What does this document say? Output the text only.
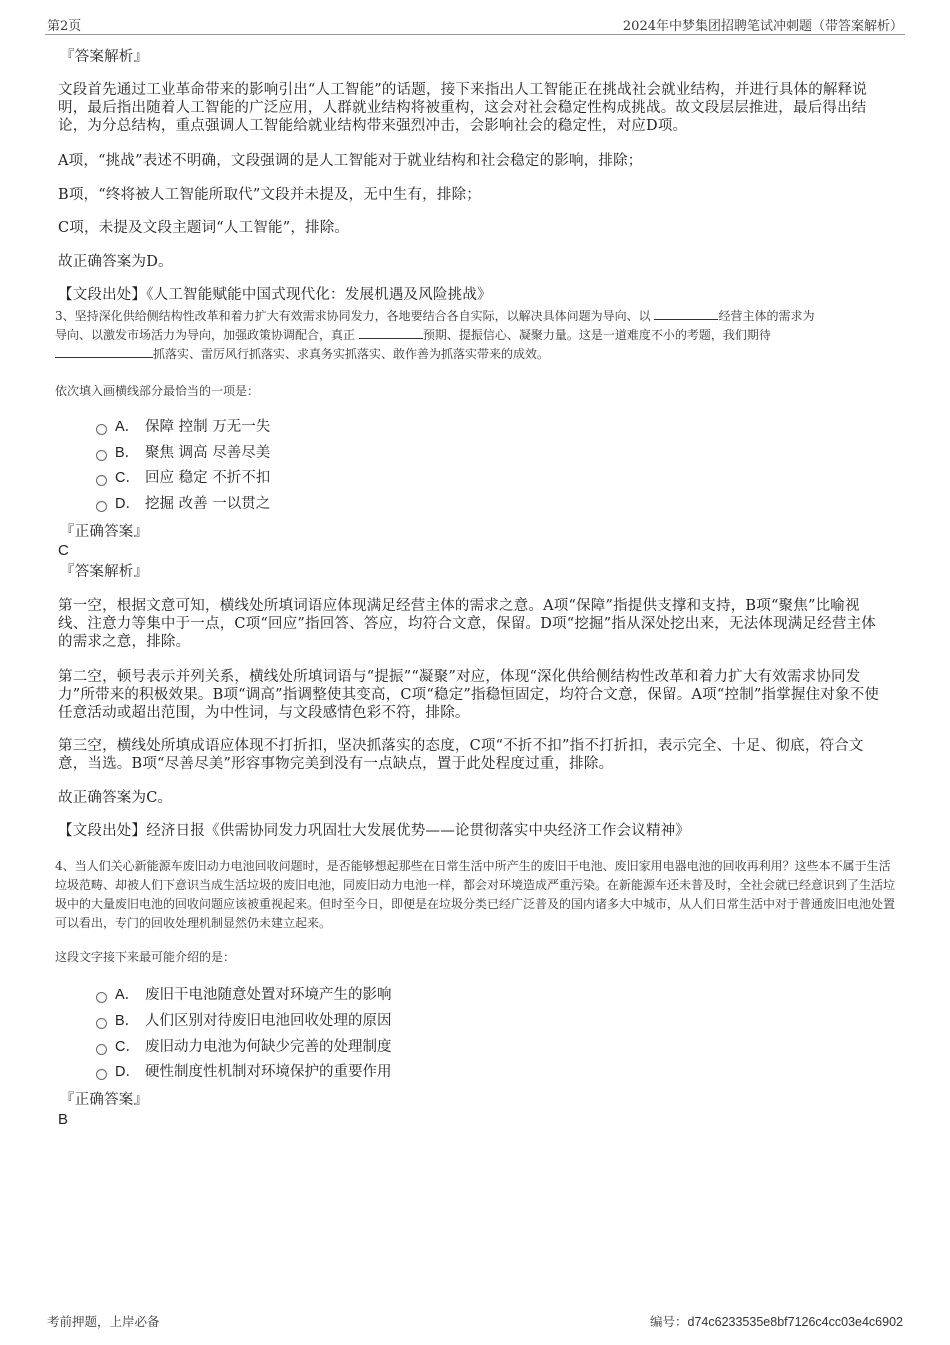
第2页	2024年中梦集团招聘笔试冲刺题（带答案解析）
『答案解析』
文段首先通过工业革命带来的影响引出“人工智能”的话题，接下来指出人工智能正在挑战社会就业结构，并进行具体的解释说明，最后指出随着人工智能的广泛应用，人群就业结构将被重构，这会对社会稳定性构成挑战。故文段层层推进，最后得出结论，为分总结构，重点强调人工智能给就业结构带来强烈冲击，会影响社会的稳定性，对应D项。
A项，“挑战”表述不明确，文段强调的是人工智能对于就业结构和社会稳定的影响，排除；
B项，“终将被人工智能所取代”文段并未提及，无中生有，排除；
C项，未提及文段主题词“人工智能”，排除。
故正确答案为D。
【文段出处】《人工智能赋能中国式现代化：发展机遇及风险挑战》
3、坚持深化供给侧结构性改革和着力扩大有效需求协同发力，各地要结合各自实际，以解决具体问题为导向、以	经营主体的需求为
导向、以激发市场活力为导向，加强政策协调配合，真正	预期、提振信心、凝聚力量。这是一道难度不小的考题，我们期待
抓落实、雷厉风行抓落实、求真务实抓落实、敢作善为抓落实带来的成效。
依次填入画横线部分最恰当的一项是：
A． 保障 控制 万无一失
B． 聚焦 调高 尽善尽美
C． 回应 稳定 不折不扣
D． 挖掘 改善 一以贯之
『正确答案』
C
『答案解析』
第一空，根据文意可知，横线处所填词语应体现满足经营主体的需求之意。A项“保障”指提供支撑和支持，B项“聚焦”比喻视线、注意力等集中于一点，C项“回应”指回答、答应，均符合文意，保留。D项“挖掘”指从深处挖出来，无法体现满足经营主体的需求之意，排除。
第二空，顿号表示并列关系，横线处所填词语与“提振”“凝聚”对应，体现“深化供给侧结构性改革和着力扩大有效需求协同发力”所带来的积极效果。B项“调高”指调整使其变高，C项“稳定”指稳恒固定，均符合文意，保留。A项“控制”指掌握住对象不使任意活动或超出范围，为中性词，与文段感情色彩不符，排除。
第三空，横线处所填成语应体现不打折扣，坚决抓落实的态度，C项“不折不扣”指不打折扣，表示完全、十足、彻底，符合文意，当选。B项“尽善尽美”形容事物完美到没有一点缺点，置于此处程度过重，排除。
故正确答案为C。
【文段出处】经济日报《供需协同发力巩固壮大发展优势——论贯彻落实中央经济工作会议精神》
4、当人们关心新能源车废旧动力电池回收问题时，是否能够想起那些在日常生活中所产生的废旧干电池、废旧家用电器电池的回收再利用？这些本不属于生活垃圾范畴、却被人们下意识当成生活垃圾的废旧电池，同废旧动力电池一样，都会对环境造成严重污染。在新能源车还未普及时，全社会就已经意识到了生活垃圾中的大量废旧电池的回收问题应该被重视起来。但时至今日，即便是在垃圾分类已经广泛普及的国内诸多大中城市，从人们日常生活中对于普通废旧电池处置可以看出，专门的回收处理机制显然仍未建立起来。
这段文字接下来最可能介绍的是：
A． 废旧干电池随意处置对环境产生的影响
B． 人们区别对待废旧电池回收处理的原因
C． 废旧动力电池为何缺少完善的处理制度
D． 硬性制度性机制对环境保护的重要作用
『正确答案』
B
考前押题，上岸必备	编号：d74c6233535e8bf7126c4cc03e4c6902
